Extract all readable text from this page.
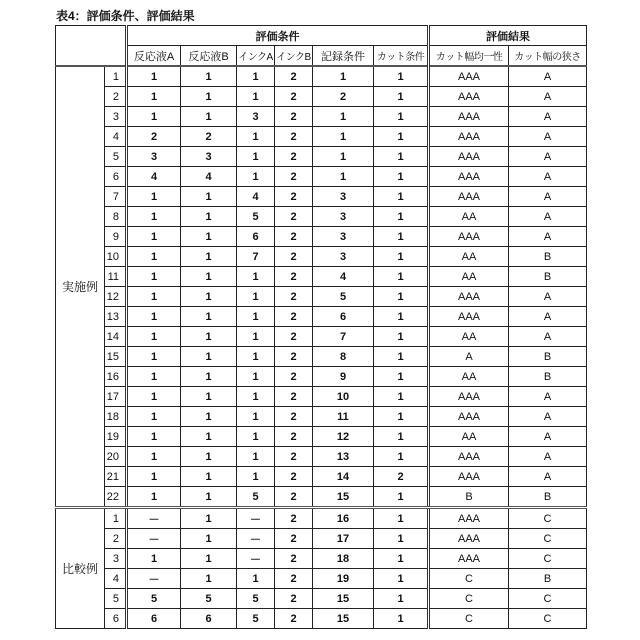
表4：評価条件、評価結果
	評価条件	評価結果
反応液A	反応液B	インクA	インクB	記録条件	カット条件	カット幅均一性	カット幅の狭さ
実施例	1	1	1	1	2	1	1	AAA	A
2	1	1	1	2	2	1	AAA	A
3	1	1	3	2	1	1	AAA	A
4	2	2	1	2	1	1	AAA	A
5	3	3	1	2	1	1	AAA	A
6	4	4	1	2	1	1	AAA	A
7	1	1	4	2	3	1	AAA	A
8	1	1	5	2	3	1	AA	A
9	1	1	6	2	3	1	AAA	A
10	1	1	7	2	3	1	AA	B
11	1	1	1	2	4	1	AA	B
12	1	1	1	2	5	1	AAA	A
13	1	1	1	2	6	1	AAA	A
14	1	1	1	2	7	1	AA	A
15	1	1	1	2	8	1	A	B
16	1	1	1	2	9	1	AA	B
17	1	1	1	2	10	1	AAA	A
18	1	1	1	2	11	1	AAA	A
19	1	1	1	2	12	1	AA	A
20	1	1	1	2	13	1	AAA	A
21	1	1	1	2	14	2	AAA	A
22	1	1	5	2	15	1	B	B
比較例	1	－	1	－	2	16	1	AAA	C
2	－	1	－	2	17	1	AAA	C
3	1	1	－	2	18	1	AAA	C
4	－	1	1	2	19	1	C	B
5	5	5	5	2	15	1	C	C
6	6	6	5	2	15	1	C	C
